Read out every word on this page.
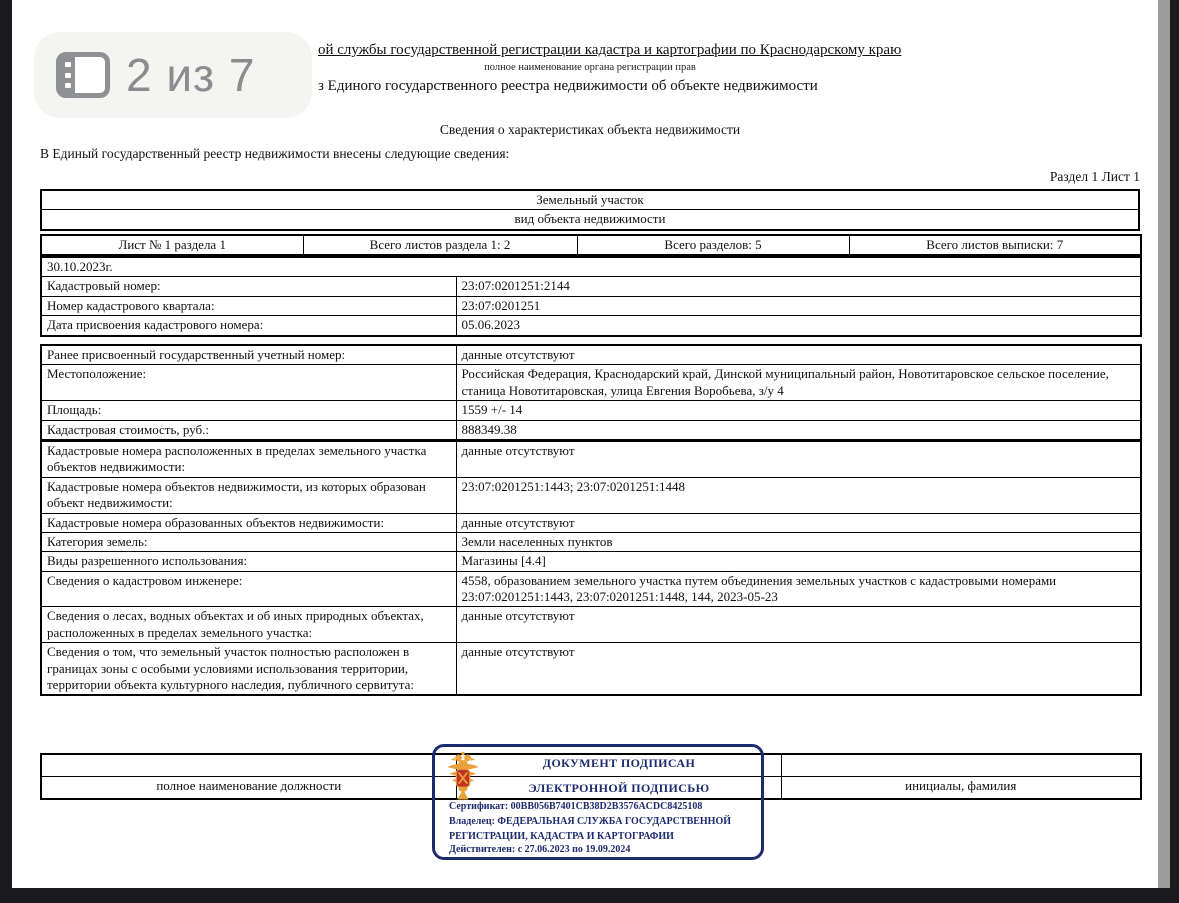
ой службы государственной регистрации кадастра и картографии по Краснодарскому краю
полное наименование органа регистрации прав
з Единого государственного реестра недвижимости об объекте недвижимости
Сведения о характеристиках объекта недвижимости
В Единый государственный реестр недвижимости внесены следующие сведения:
Раздел 1 Лист 1
Земельный участок
вид объекта недвижимости
Лист № 1 раздела 1	Всего листов раздела 1: 2	Всего разделов: 5	Всего листов выписки: 7
30.10.2023г.	
Кадастровый номер:	23:07:0201251:2144
Номер кадастрового квартала:	23:07:0201251
Дата присвоения кадастрового номера:	05.06.2023
Ранее присвоенный государственный учетный номер:	данные отсутствуют
Местоположение:	Российская Федерация, Краснодарский край, Динской муниципальный район, Новотитаровское сельское поселение, станица Новотитаровская, улица Евгения Воробьева, з/у 4
Площадь:	1559 +/- 14
Кадастровая стоимость, руб.:	888349.38
Кадастровые номера расположенных в пределах земельного участка объектов недвижимости:	данные отсутствуют
Кадастровые номера объектов недвижимости, из которых образован объект недвижимости:	23:07:0201251:1443; 23:07:0201251:1448
Кадастровые номера образованных объектов недвижимости:	данные отсутствуют
Категория земель:	Земли населенных пунктов
Виды разрешенного использования:	Магазины [4.4]
Сведения о кадастровом инженере:	4558, образованием земельного участка путем объединения земельных участков с кадастровыми номерами 23:07:0201251:1443, 23:07:0201251:1448, 144, 2023-05-23
Сведения о лесах, водных объектах и об иных природных объектах, расположенных в пределах земельного участка:	данные отсутствуют
Сведения о том, что земельный участок полностью расположен в границах зоны с особыми условиями использования территории, территории объекта культурного наследия, публичного сервитута:	данные отсутствуют

полное наименование должности		инициалы, фамилия
ДОКУМЕНТ ПОДПИСАН
ЭЛЕКТРОННОЙ ПОДПИСЬЮ
Сертификат: 00BB056B7401CB38D2B3576ACDC8425108
Владелец: ФЕДЕРАЛЬНАЯ СЛУЖБА ГОСУДАРСТВЕННОЙ
РЕГИСТРАЦИИ, КАДАСТРА И КАРТОГРАФИИ
Действителен: с 27.06.2023 по 19.09.2024
2 из 7
